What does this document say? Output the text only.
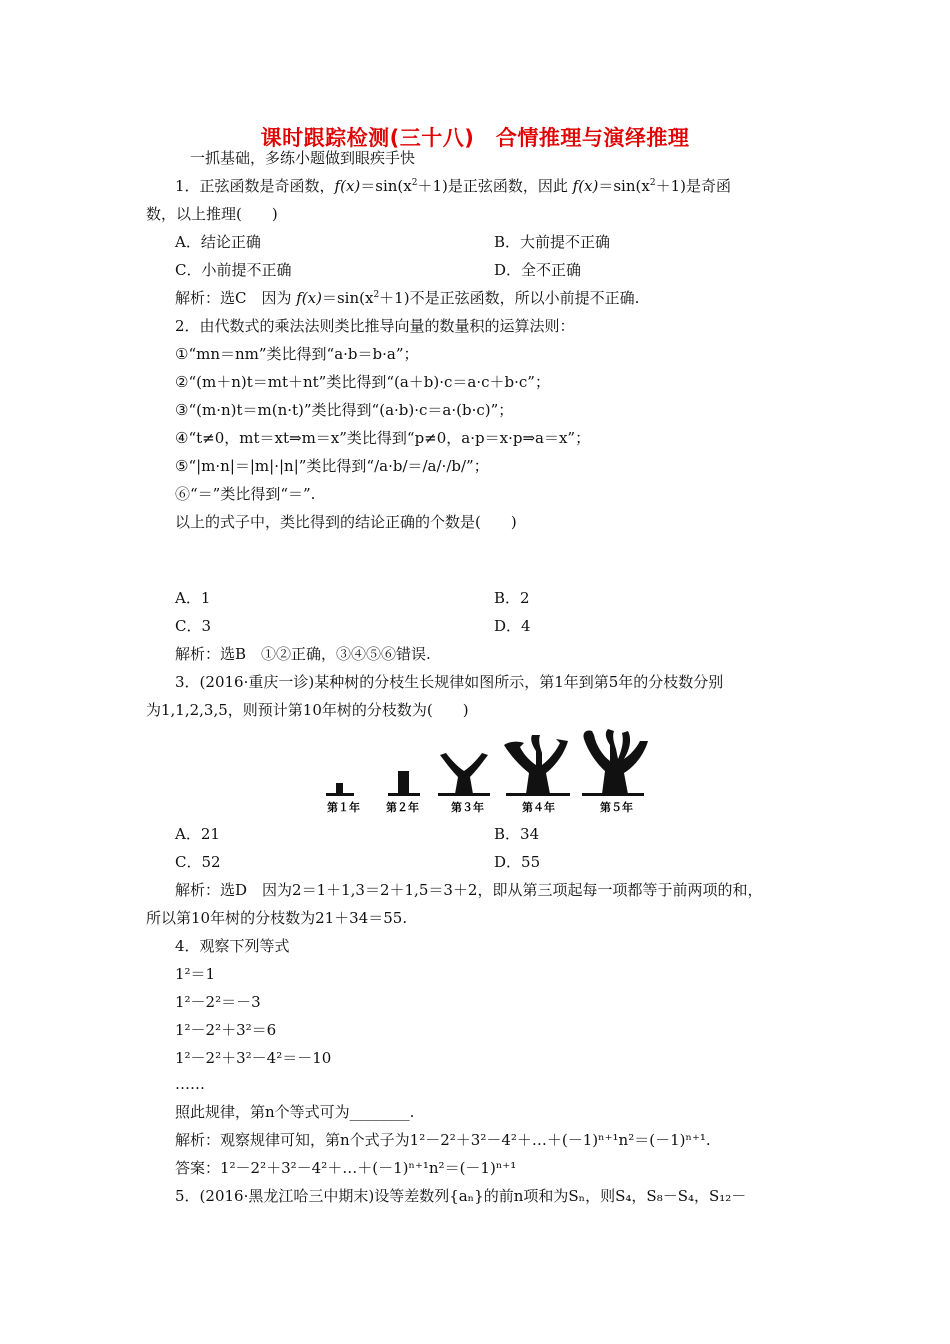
课时跟踪检测(三十八)　合情推理与演绎推理
一抓基础，多练小题做到眼疾手快
1．正弦函数是奇函数，$f(x)=\sin(x^2+1)$是正弦函数，因此 $f(x)=\sin(x^2+1)$是奇函
数，以上推理(　　)
A．结论正确	B．大前提不正确
C．小前提不正确	D．全不正确
解析：选C　因为 $f(x)=\sin(x^2+1)$不是正弦函数，所以小前提不正确.
2．由代数式的乘法法则类比推导向量的数量积的运算法则：
①“mn＝nm”类比得到“a·b＝b·a”；
②“(m＋n)t＝mt＋nt”类比得到“(a＋b)·c＝a·c＋b·c”；
③“(m·n)t＝m(n·t)”类比得到“(a·b)·c＝a·(b·c)”；
④“t≠0，mt＝xt⇒m＝x”类比得到“p≠0，a·p＝x·p⇒a＝x”；
⑤“|m·n|＝|m|·|n|”类比得到“/a·b/＝/a/·/b/”；
⑥“＝”类比得到“＝”.
以上的式子中，类比得到的结论正确的个数是(　　)
A．1	B．2
C．3	D．4
解析：选B　①②正确，③④⑤⑥错误.
3．(2016·重庆一诊)某种树的分枝生长规律如图所示，第1年到第5年的分枝数分别
为1,1,2,3,5，则预计第10年树的分枝数为(　　)
第１年 第２年	第３年	第４年	第５年
A．21	B．34
C．52	D．55
解析：选D　因为2＝1＋1,3＝2＋1,5＝3＋2，即从第三项起每一项都等于前两项的和，
所以第10年树的分枝数为21＋34＝55.
4．观察下列等式
1²＝1
1²－2²＝－3
1²－2²＋3²＝6
1²－2²＋3²－4²＝－10
……
照此规律，第n个等式可为________.
解析：观察规律可知，第n个式子为1²－2²＋3²－4²＋…＋(－1)ⁿ⁺¹n²＝(－1)ⁿ⁺¹.
答案：1²－2²＋3²－4²＋…＋(－1)ⁿ⁺¹n²＝(－1)ⁿ⁺¹
5．(2016·黑龙江哈三中期末)设等差数列{aₙ}的前n项和为Sₙ，则S₄，S₈－S₄，S₁₂－
